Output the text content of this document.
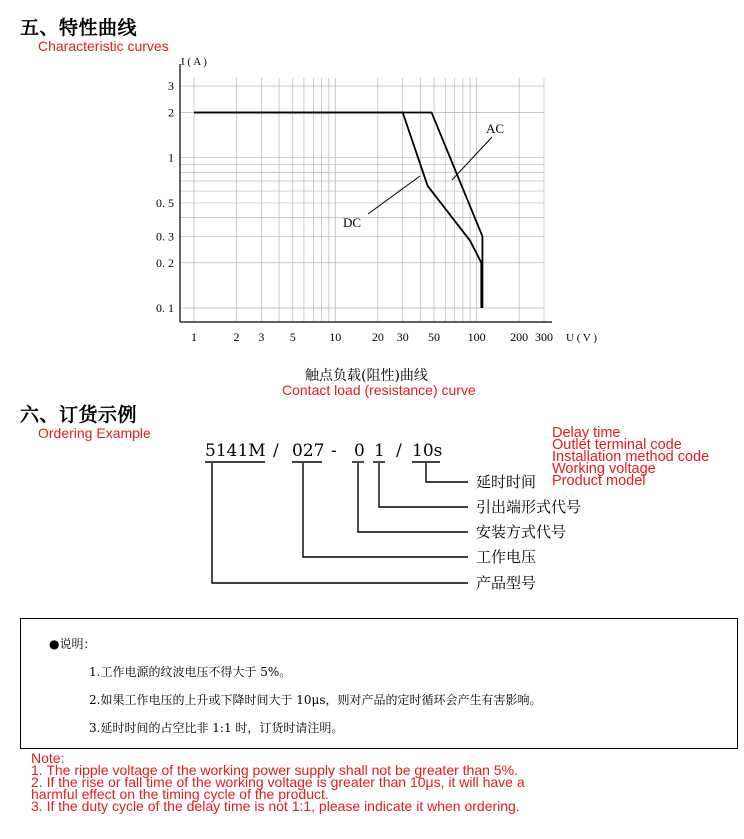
五、特性曲线
Characteristic curves
3
2
1
0. 5
0. 3
0. 2
0. 1
1	2 3 5	10	20 30 50 100 200 300
I ( A )
U ( V )
AC
DC
触点负载(阻性)曲线
Contact load (resistance) curve
六、订货示例
Ordering Example	Delay time
Outlet terminal code
Installation method code
Working voltage
Product model
5141M / 027 - 0 1 / 10s
延时时间
引出端形式代号
安装方式代号
工作电压
产品型号
●说明：
1.工作电源的纹波电压不得大于 5%。
2.如果工作电压的上升或下降时间大于 10μs，则对产品的定时循环会产生有害影响。
3.延时时间的占空比非 1:1 时，订货时请注明。
Note:
1. The ripple voltage of the working power supply shall not be greater than 5%.
2. If the rise or fall time of the working voltage is greater than 10μs, it will have a
harmful effect on the timing cycle of the product.
3. If the duty cycle of the delay time is not 1:1, please indicate it when ordering.
